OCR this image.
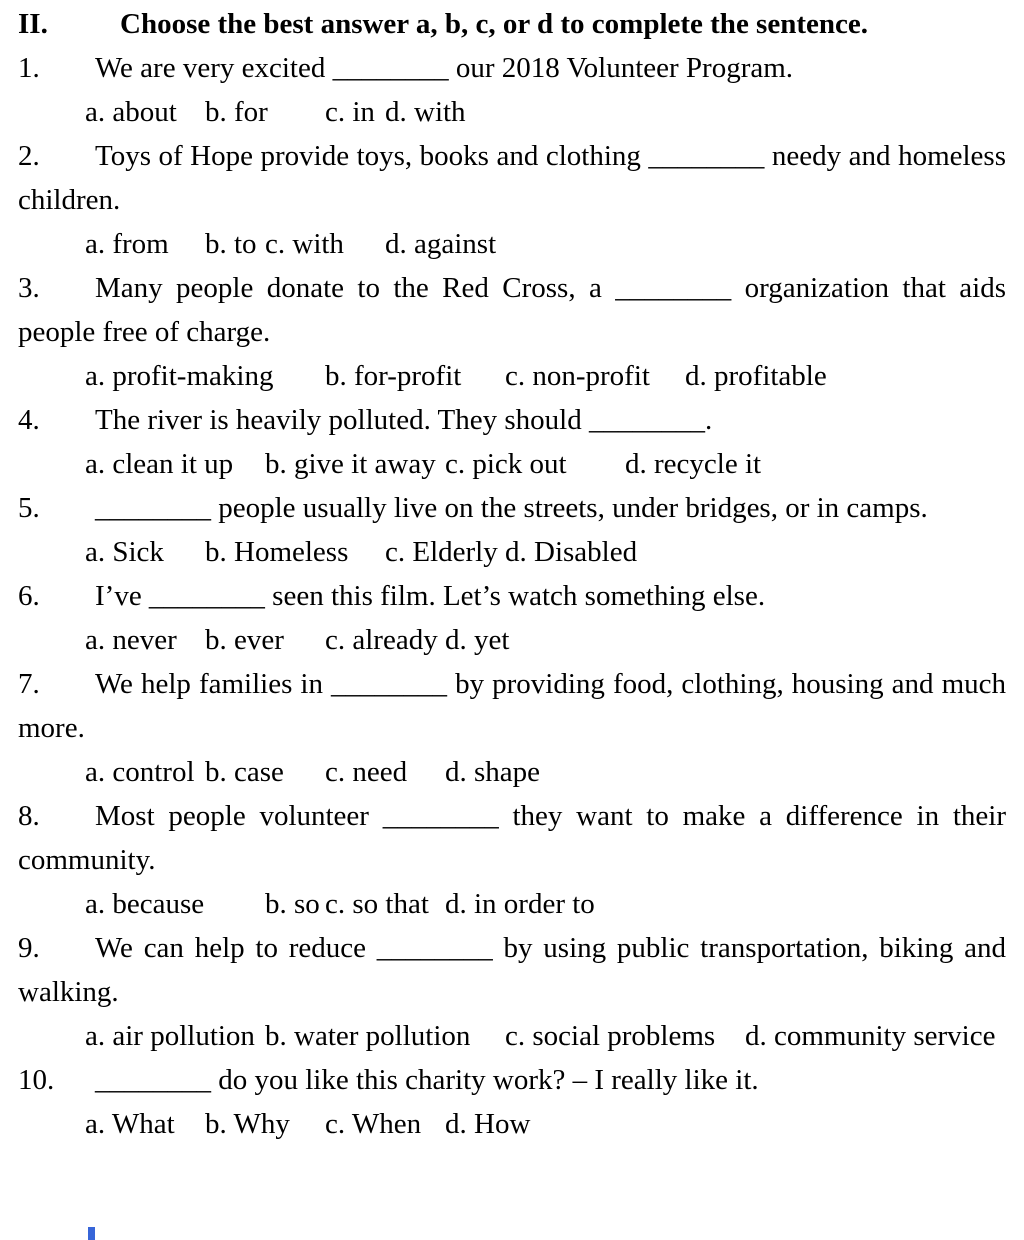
II. Choose the best answer a, b, c, or d to complete the sentence.

1. We are very excited ________ our 2018 Volunteer Program.

a. about	b. for	c. in	d. with

2. Toys of Hope provide toys, books and clothing ________ needy and homeless children.

a. from	b. to	c. with	d. against

3. Many people donate to the Red Cross, a ________ organization that aids people free of charge.

a. profit-making	b. for-profit	c. non-profit	d. profitable

4. The river is heavily polluted. They should ________.

a. clean it up	b. give it away	c. pick out	d. recycle it

5. ________ people usually live on the streets, under bridges, or in camps.

a. Sick	b. Homeless	c. Elderly	d. Disabled

6. I’ve ________ seen this film. Let’s watch something else.

a. never	b. ever	c. already	d. yet

7. We help families in ________ by providing food, clothing, housing and much more.

a. control	b. case	c. need	d. shape

8. Most people volunteer ________ they want to make a difference in their community.

a. because	b. so	c. so that	d. in order to

9. We can help to reduce ________ by using public transportation, biking and walking.

a. air pollution	b. water pollution	c. social problems	d. community service

10. ________ do you like this charity work? – I really like it.

a. What	b. Why	c. When	d. How
